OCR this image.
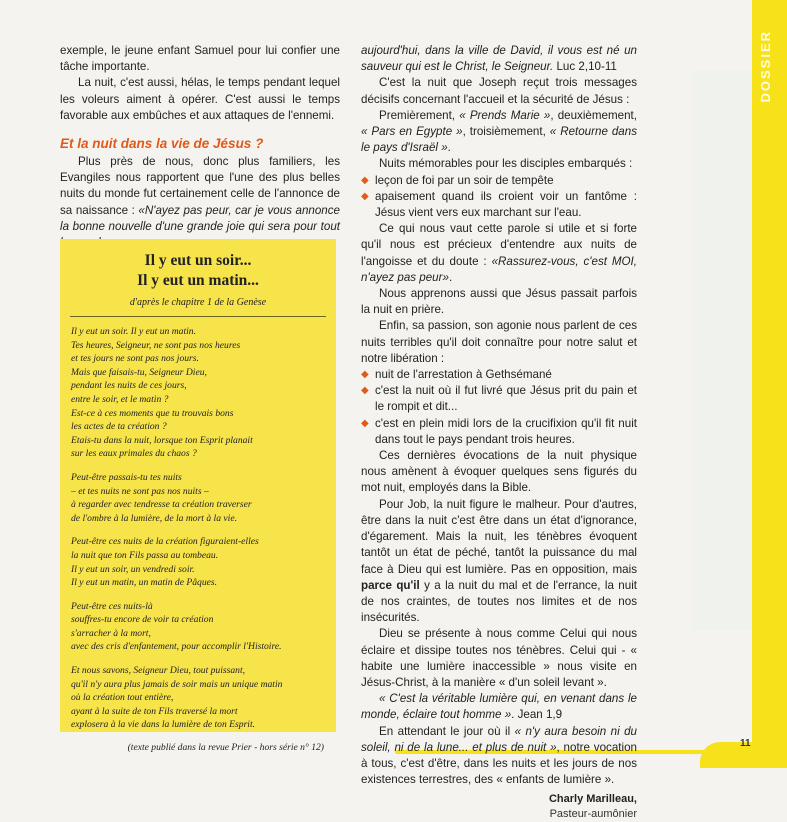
DOSSIER
11

exemple, le jeune enfant Samuel pour lui confier une tâche importante.

La nuit, c'est aussi, hélas, le temps pendant lequel les voleurs aiment à opérer. C'est aussi le temps favorable aux embûches et aux attaques de l'ennemi.

Et la nuit dans la vie de Jésus ?

Plus près de nous, donc plus familiers, les Evangiles nous rapportent que l'une des plus belles nuits du monde fut certainement celle de l'annonce de sa naissance : «N'ayez pas peur, car je vous annonce la bonne nouvelle d'une grande joie qui sera pour tout

Il y eut un soir...
Il y eut un matin...
d'après le chapitre 1 de la Genèse
Il y eut un soir. Il y eut un matin.
Tes heures, Seigneur, ne sont pas nos heures
et tes jours ne sont pas nos jours.
Mais que faisais-tu, Seigneur Dieu,
pendant les nuits de ces jours,
entre le soir, et le matin ?
Est-ce à ces moments que tu trouvais bons
les actes de ta création ?
Etais-tu dans la nuit, lorsque ton Esprit planait
sur les eaux primales du chaos ?
Peut-être passais-tu tes nuits
– et tes nuits ne sont pas nos nuits –
à regarder avec tendresse ta création traverser
de l'ombre à la lumière, de la mort à la vie.
Peut-être ces nuits de la création figuraient-elles
la nuit que ton Fils passa au tombeau.
Il y eut un soir, un vendredi soir.
Il y eut un matin, un matin de Pâques.
Peut-être ces nuits-là
souffres-tu encore de voir ta création
s'arracher à la mort,
avec des cris d'enfantement, pour accomplir l'Histoire.
Et nous savons, Seigneur Dieu, tout puissant,
qu'il n'y aura plus jamais de soir mais un unique matin
où la création tout entière,
ayant à la suite de ton Fils traversé la mort
explosera à la vie dans la lumière de ton Esprit.
(texte publié dans la revue Prier - hors série n° 12)

aujourd'hui, dans la ville de David, il vous est né un sauveur qui est le Christ, le Seigneur. Luc 2,10-11

C'est la nuit que Joseph reçut trois messages décisifs concernant l'accueil et la sécurité de Jésus :

Premièrement, « Prends Marie », deuxièmement, « Pars en Egypte », troisièmement, « Retourne dans le pays d'Israël ».

Nuits mémorables pour les disciples embarqués :

◆ leçon de foi par un soir de tempête
◆ apaisement quand ils croient voir un fantôme : Jésus vient vers eux marchant sur l'eau.

Ce qui nous vaut cette parole si utile et si forte qu'il nous est précieux d'entendre aux nuits de l'angoisse et du doute : «Rassurez-vous, c'est MOI, n'ayez pas peur».

Nous apprenons aussi que Jésus passait parfois la nuit en prière.

Enfin, sa passion, son agonie nous parlent de ces nuits terribles qu'il doit connaître pour notre salut et notre libération :

◆ nuit de l'arrestation à Gethsémané
◆ c'est la nuit où il fut livré que Jésus prit du pain et le rompit et dit...
◆ c'est en plein midi lors de la crucifixion qu'il fit nuit dans tout le pays pendant trois heures.

Ces dernières évocations de la nuit physique nous amènent à évoquer quelques sens figurés du mot nuit, employés dans la Bible.

Pour Job, la nuit figure le malheur. Pour d'autres, être dans la nuit c'est être dans un état d'ignorance, d'égarement. Mais la nuit, les ténèbres évoquent tantôt un état de péché, tantôt la puissance du mal face à Dieu qui est lumière. Pas en opposition, mais parce qu'il y a la nuit du mal et de l'errance, la nuit de nos craintes, de toutes nos limites et de nos insécurités.

Dieu se présente à nous comme Celui qui nous éclaire et dissipe toutes nos ténèbres. Celui qui - « habite une lumière inaccessible » nous visite en Jésus-Christ, à la manière « d'un soleil levant ».

« C'est la véritable lumière qui, en venant dans le monde, éclaire tout homme ». Jean 1,9

En attendant le jour où il « n'y aura besoin ni du soleil, ni de la lune... et plus de nuit », notre vocation à tous, c'est d'être, dans les nuits et les jours de nos existences terrestres, des « enfants de lumière ».

Charly Marilleau,
Pasteur-aumônier
